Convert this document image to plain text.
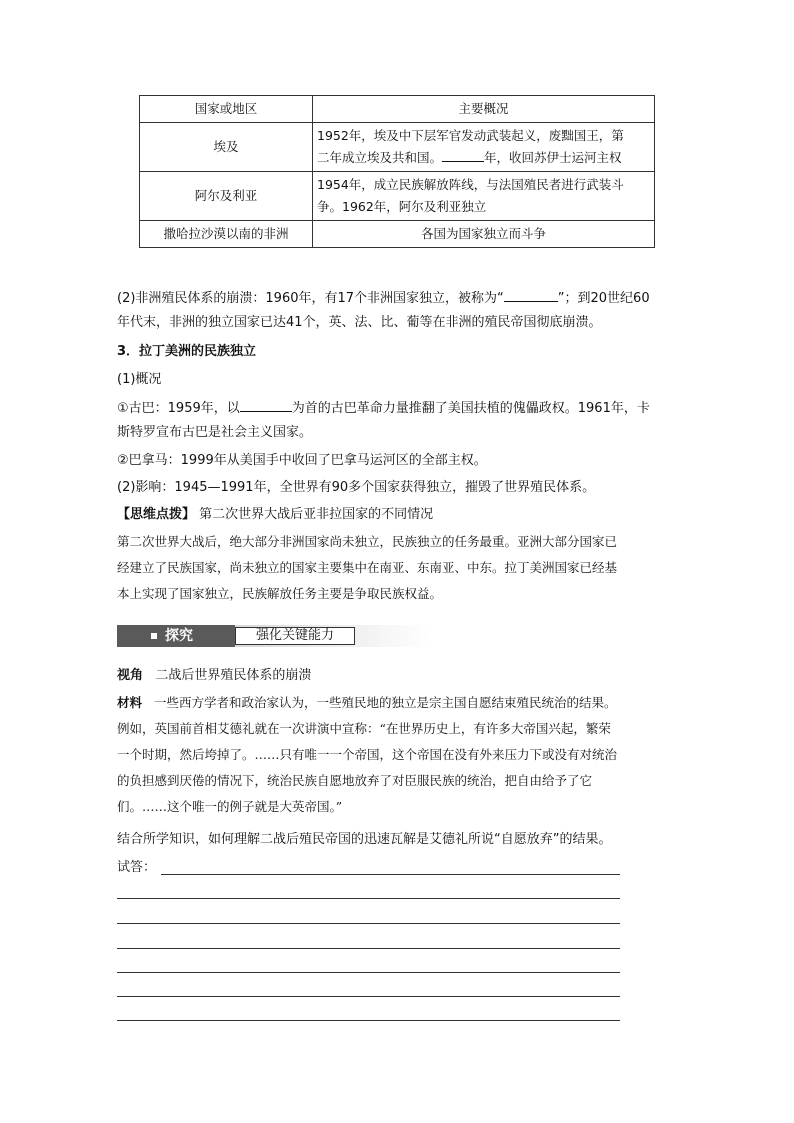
国家或地区	主要概况
埃及	1952年，埃及中下层军官发动武装起义，废黜国王，第
二年成立埃及共和国。 年，收回苏伊士运河主权

阿尔及利亚	1954年，成立民族解放阵线，与法国殖民者进行武装斗
争。1962年，阿尔及利亚独立

撒哈拉沙漠以南的非洲	各国为国家独立而斗争
(2)非洲殖民体系的崩溃：1960年，有17个非洲国家独立，被称为“	”；到20世纪60
年代末，非洲的独立国家已达41个，英、法、比、葡等在非洲的殖民帝国彻底崩溃。
3．拉丁美洲的民族独立
(1)概况
①古巴：1959年，以	为首的古巴革命力量推翻了美国扶植的傀儡政权。1961年，卡
斯特罗宣布古巴是社会主义国家。
②巴拿马：1999年从美国手中收回了巴拿马运河区的全部主权。
(2)影响：1945—1991年，全世界有90多个国家获得独立，摧毁了世界殖民体系。
【思维点拨】 第二次世界大战后亚非拉国家的不同情况
第二次世界大战后，绝大部分非洲国家尚未独立，民族独立的任务最重。亚洲大部分国家已
经建立了民族国家，尚未独立的国家主要集中在南亚、东南亚、中东。拉丁美洲国家已经基
本上实现了国家独立，民族解放任务主要是争取民族权益。
探究	强化关键能力
视角 二战后世界殖民体系的崩溃
材料 一些西方学者和政治家认为，一些殖民地的独立是宗主国自愿结束殖民统治的结果。
例如，英国前首相艾德礼就在一次讲演中宣称：“在世界历史上，有许多大帝国兴起，繁荣
一个时期，然后垮掉了。……只有唯一一个帝国，这个帝国在没有外来压力下或没有对统治
的负担感到厌倦的情况下，统治民族自愿地放弃了对臣服民族的统治，把自由给予了它
们。……这个唯一的例子就是大英帝国。”
结合所学知识，如何理解二战后殖民帝国的迅速瓦解是艾德礼所说“自愿放弃”的结果。
试答：
